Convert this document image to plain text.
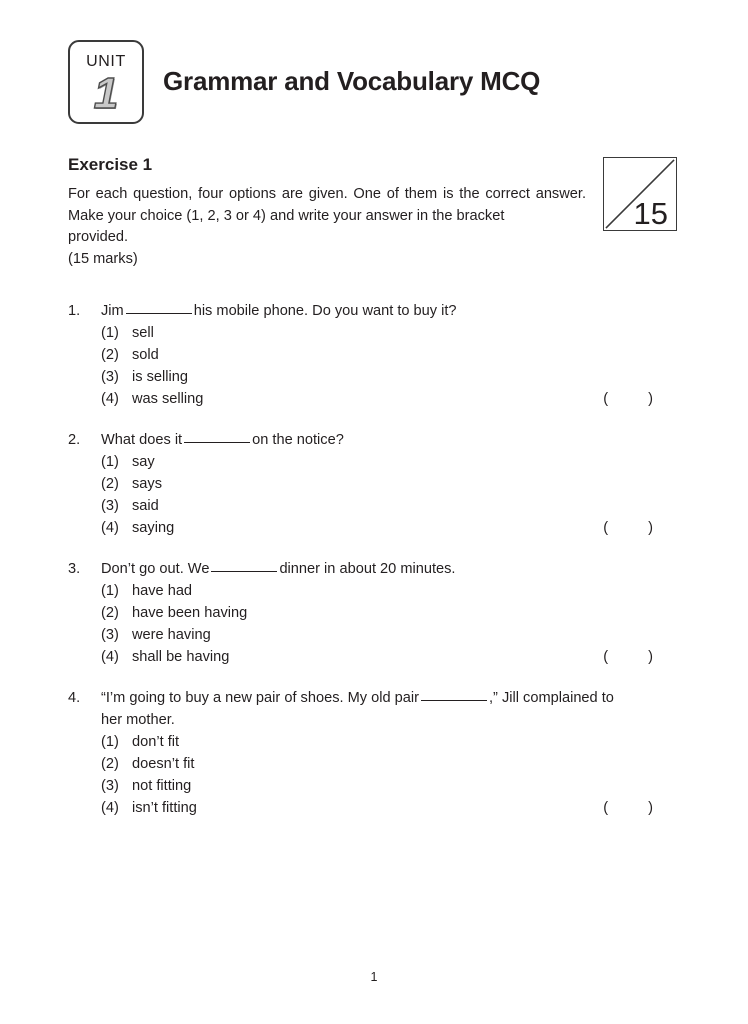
UNIT
1	Grammar and Vocabulary MCQ
Exercise 1
For each question, four options are given. One of them is the correct answer. Make your choice (1, 2, 3 or 4) and write your answer in the bracket
provided.
(15 marks)
15
1.	Jim	his mobile phone. Do you want to buy it?
(1) sell
(2) sold
(3) is selling
(4) was selling	( )
2.	What does it	on the notice?
(1) say
(2) says
(3) said
(4) saying	( )
3.	Don’t go out. We	dinner in about 20 minutes.
(1) have had
(2) have been having
(3) were having
(4) shall be having	( )
4.	“I’m going to buy a new pair of shoes. My old pair	,” Jill complained to
her mother.
(1) don’t fit
(2) doesn’t fit
(3) not fitting
(4) isn’t fitting	( )
1
